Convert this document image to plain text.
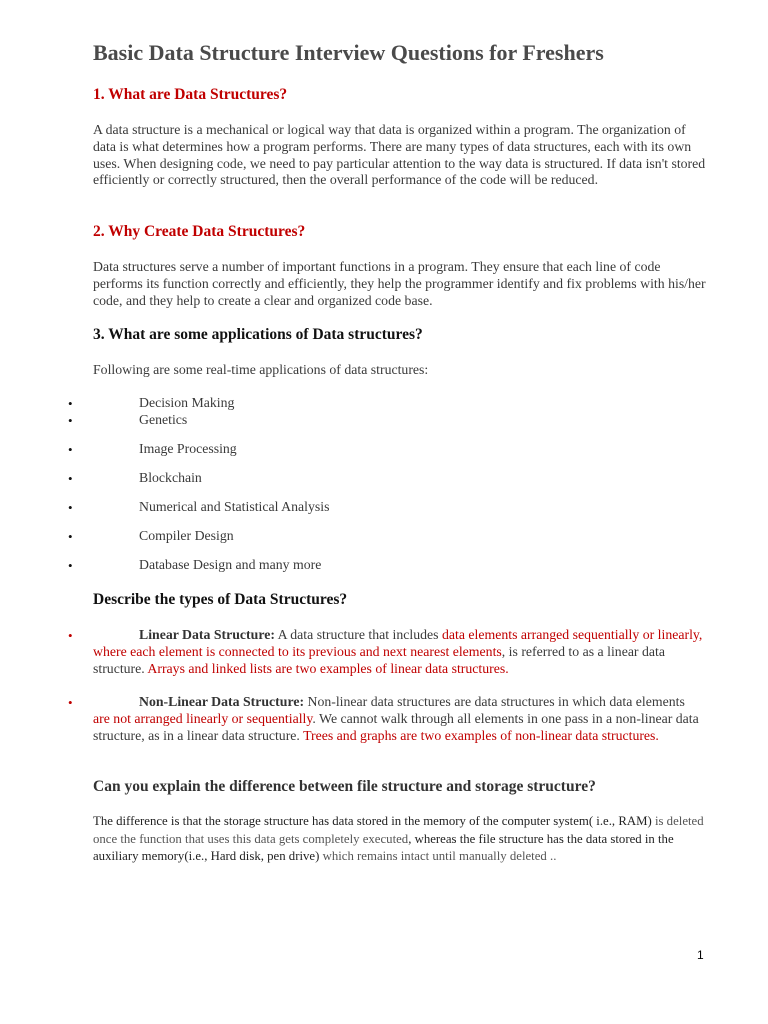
Basic Data Structure Interview Questions for Freshers
1. What are Data Structures?

A data structure is a mechanical or logical way that data is organized within a program. The organization of data is what determines how a program performs. There are many types of data structures, each with its own uses. When designing code, we need to pay particular attention to the way data is structured. If data isn't stored efficiently or correctly structured, then the overall performance of the code will be reduced.

2. Why Create Data Structures?

Data structures serve a number of important functions in a program. They ensure that each line of code performs its function correctly and efficiently, they help the programmer identify and fix problems with his/her code, and they help to create a clear and organized code base.

3. What are some applications of Data structures?

Following are some real-time applications of data structures:

•	Decision Making
•	Genetics
•	Image Processing
•	Blockchain
•	Numerical and Statistical Analysis
•	Compiler Design
•	Database Design and many more
Describe the types of Data Structures?
•	Linear Data Structure: A data structure that includes data elements arranged sequentially or linearly, where each element is connected to its previous and next nearest elements, is referred to as a linear data structure. Arrays and linked lists are two examples of linear data structures.

•	Non-Linear Data Structure: Non-linear data structures are data structures in which data elements are not arranged linearly or sequentially. We cannot walk through all elements in one pass in a non-linear data structure, as in a linear data structure. Trees and graphs are two examples of non-linear data structures.

Can you explain the difference between file structure and storage structure?

The difference is that the storage structure has data stored in the memory of the computer system( i.e., RAM) is deleted once the function that uses this data gets completely executed, whereas the file structure has the data stored in the auxiliary memory(i.e., Hard disk, pen drive) which remains intact until manually deleted ..

1
